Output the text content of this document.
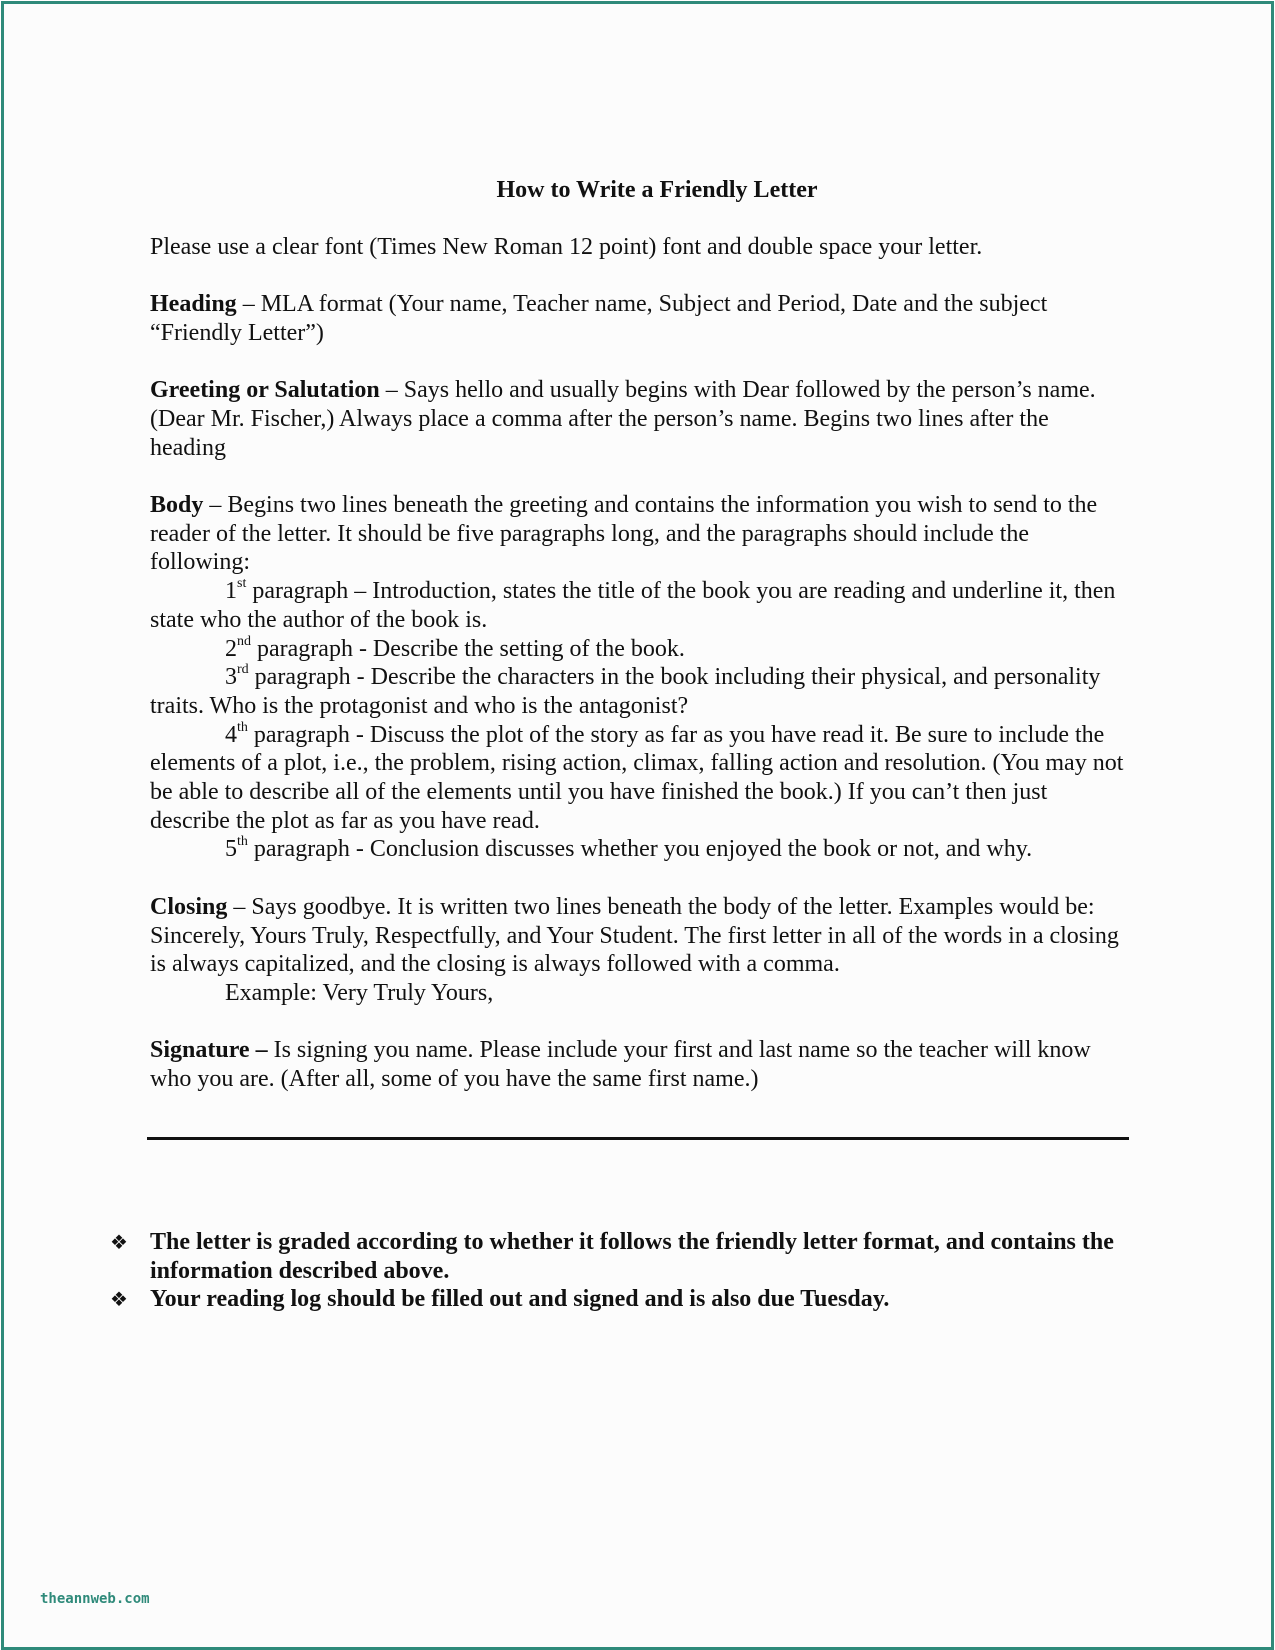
How to Write a Friendly Letter

Please use a clear font (Times New Roman 12 point) font and double space your letter.

Heading – MLA format (Your name, Teacher name, Subject and Period, Date and the subject “Friendly Letter”)

Greeting or Salutation – Says hello and usually begins with Dear followed by the person’s name. (Dear Mr. Fischer,) Always place a comma after the person’s name. Begins two lines after the heading

Body – Begins two lines beneath the greeting and contains the information you wish to send to the reader of the letter. It should be five paragraphs long, and the paragraphs should include the following:

1st paragraph – Introduction, states the title of the book you are reading and underline it, then state who the author of the book is.

2nd paragraph - Describe the setting of the book.

3rd paragraph - Describe the characters in the book including their physical, and personality traits. Who is the protagonist and who is the antagonist?

4th paragraph - Discuss the plot of the story as far as you have read it. Be sure to include the elements of a plot, i.e., the problem, rising action, climax, falling action and resolution. (You may not be able to describe all of the elements until you have finished the book.) If you can’t then just describe the plot as far as you have read.

5th paragraph - Conclusion discusses whether you enjoyed the book or not, and why.

Closing – Says goodbye. It is written two lines beneath the body of the letter. Examples would be: Sincerely, Yours Truly, Respectfully, and Your Student. The first letter in all of the words in a closing is always capitalized, and the closing is always followed with a comma.

Example: Very Truly Yours,

Signature – Is signing you name. Please include your first and last name so the teacher will know who you are. (After all, some of you have the same first name.)

❖ The letter is graded according to whether it follows the friendly letter format, and contains the information described above.
❖ Your reading log should be filled out and signed and is also due Tuesday.
theannweb.com
